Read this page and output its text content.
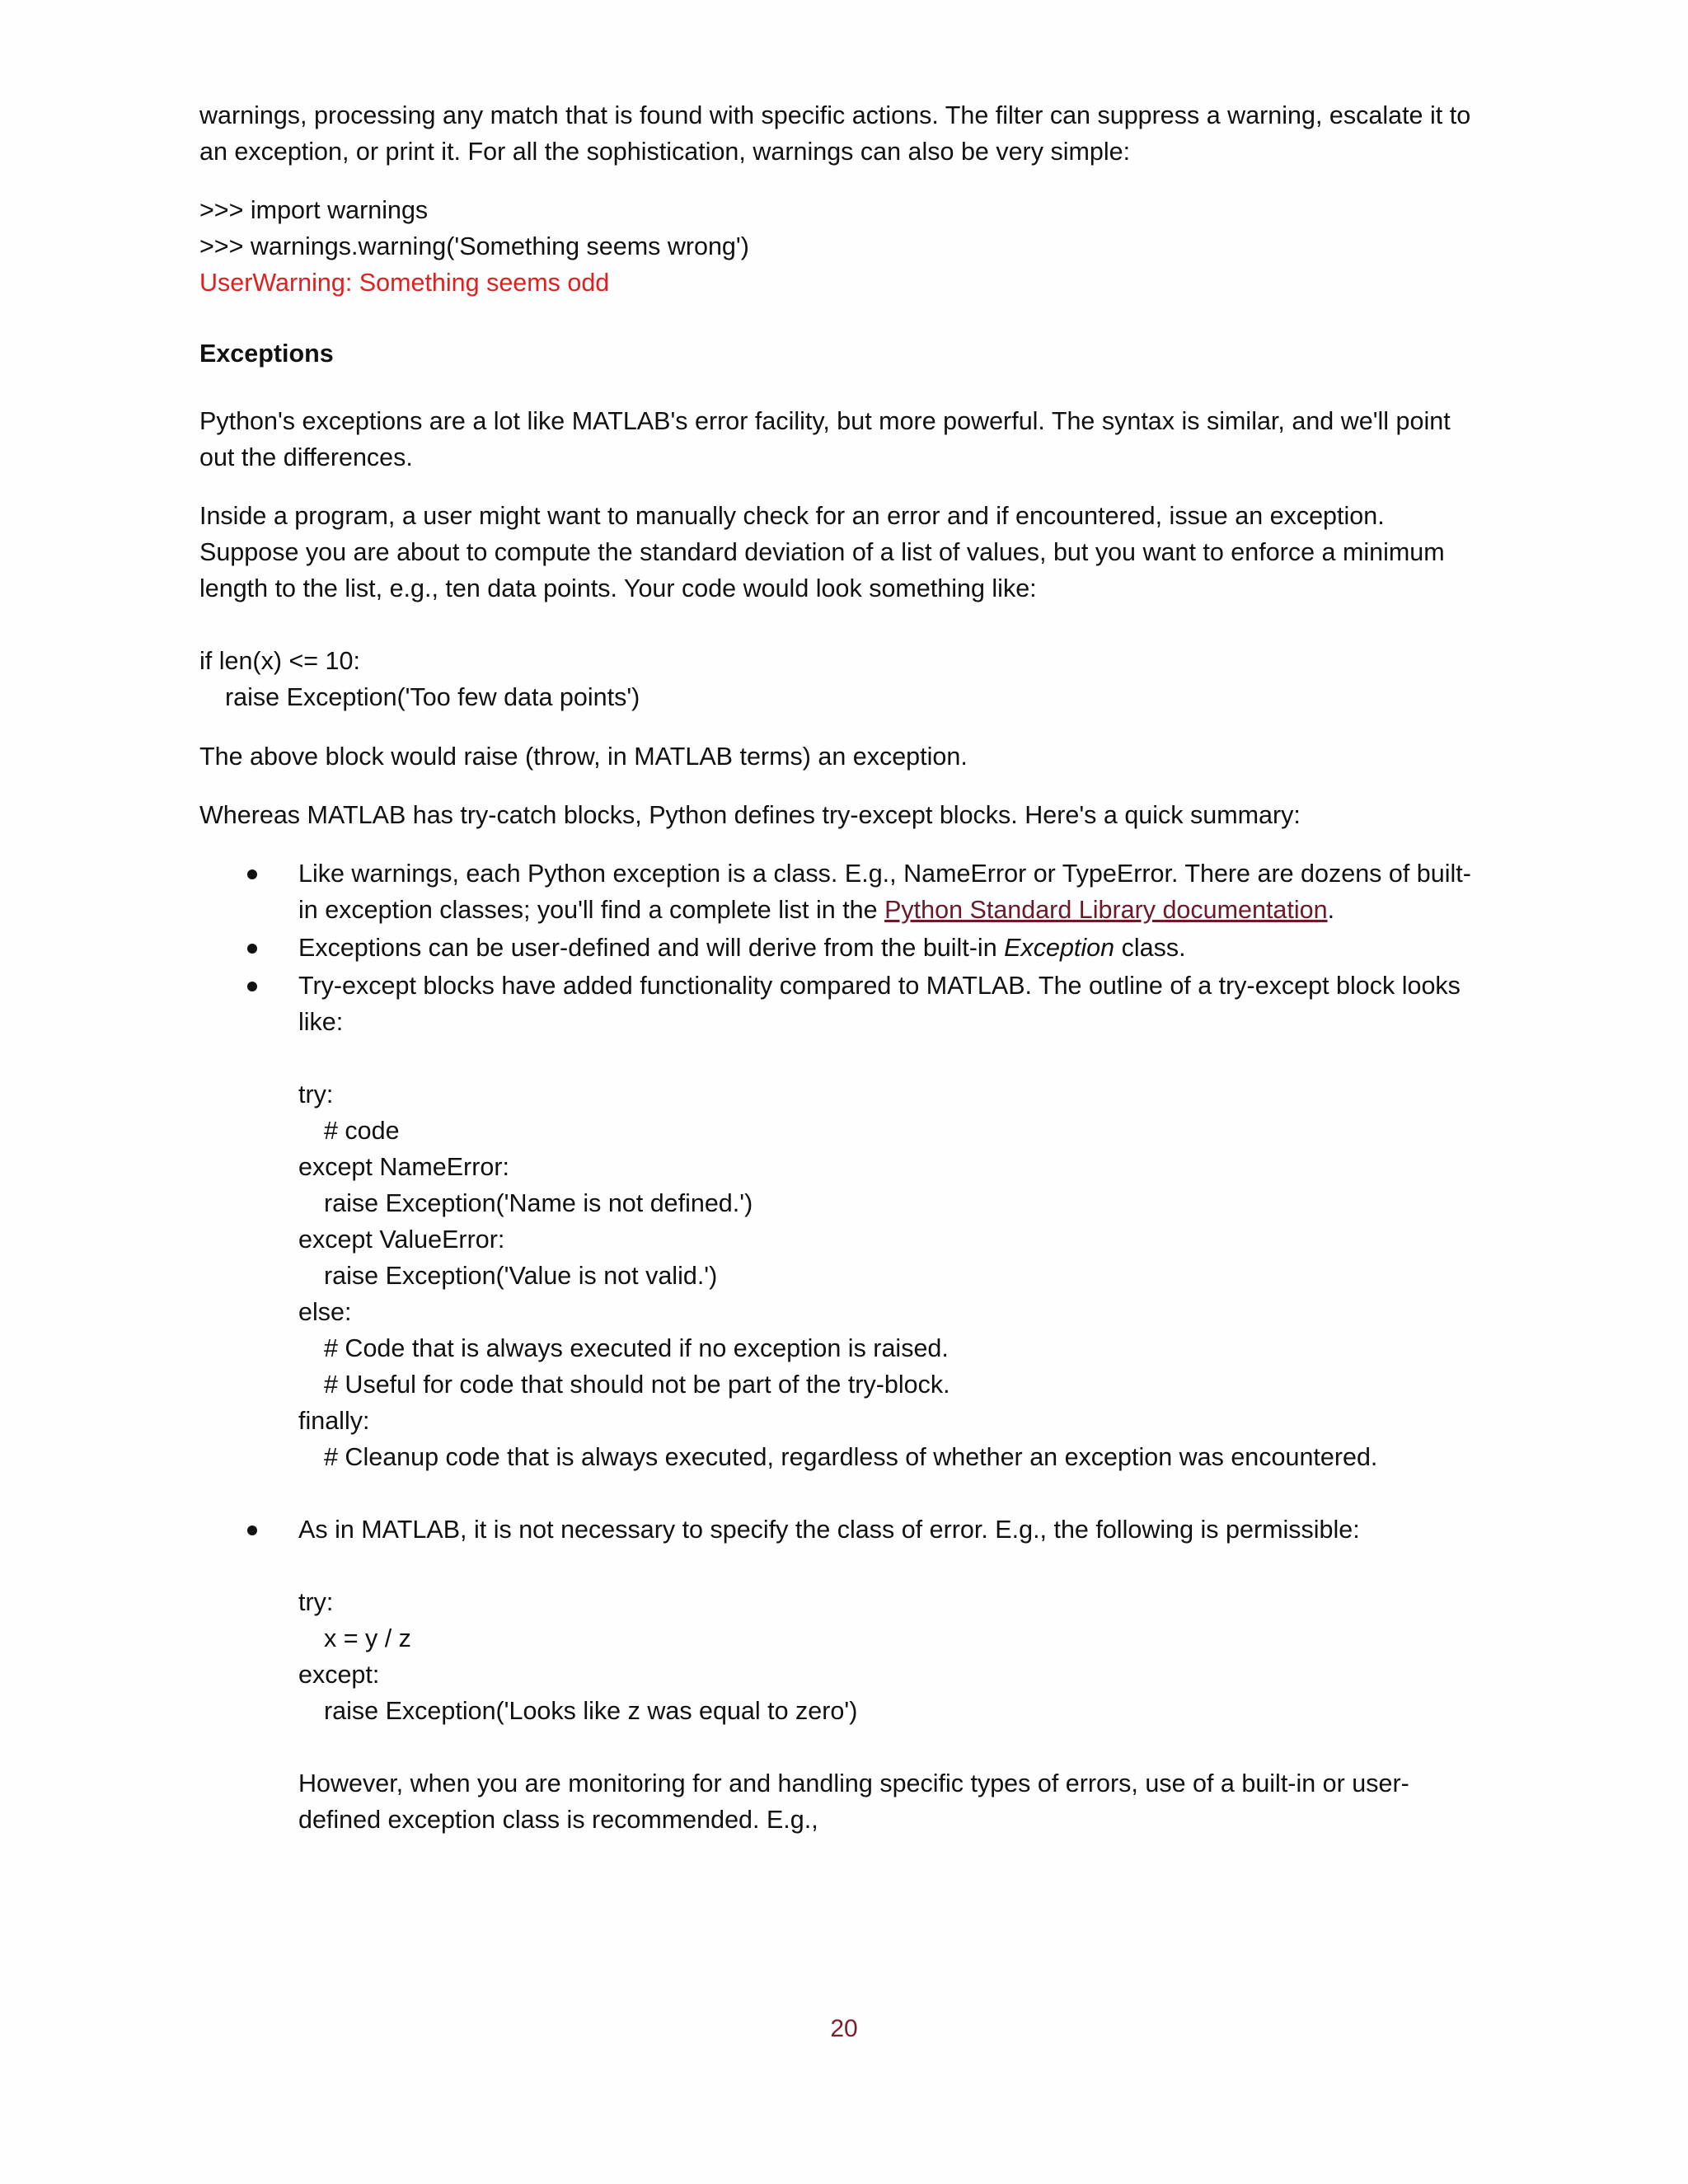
warnings, processing any match that is found with specific actions. The filter can suppress a warning, escalate it to
an exception, or print it. For all the sophistication, warnings can also be very simple:
>>> import warnings
>>> warnings.warning('Something seems wrong')
UserWarning: Something seems odd
Exceptions
Python's exceptions are a lot like MATLAB's error facility, but more powerful. The syntax is similar, and we'll point
out the differences.
Inside a program, a user might want to manually check for an error and if encountered, issue an exception.
Suppose you are about to compute the standard deviation of a list of values, but you want to enforce a minimum
length to the list, e.g., ten data points. Your code would look something like:
if len(x) <= 10:
raise Exception('Too few data points')
The above block would raise (throw, in MATLAB terms) an exception.
Whereas MATLAB has try-catch blocks, Python defines try-except blocks. Here's a quick summary:
Like warnings, each Python exception is a class. E.g., NameError or TypeError. There are dozens of built-
in exception classes; you'll find a complete list in the Python Standard Library documentation.
Exceptions can be user-defined and will derive from the built-in Exception class.
Try-except blocks have added functionality compared to MATLAB. The outline of a try-except block looks
like:
try:
# code
except NameError:
raise Exception('Name is not defined.')
except ValueError:
raise Exception('Value is not valid.')
else:
# Code that is always executed if no exception is raised.
# Useful for code that should not be part of the try-block.
finally:
# Cleanup code that is always executed, regardless of whether an exception was encountered.
As in MATLAB, it is not necessary to specify the class of error. E.g., the following is permissible:
try:
x = y / z
except:
raise Exception('Looks like z was equal to zero')
However, when you are monitoring for and handling specific types of errors, use of a built-in or user-
defined exception class is recommended. E.g.,
20
